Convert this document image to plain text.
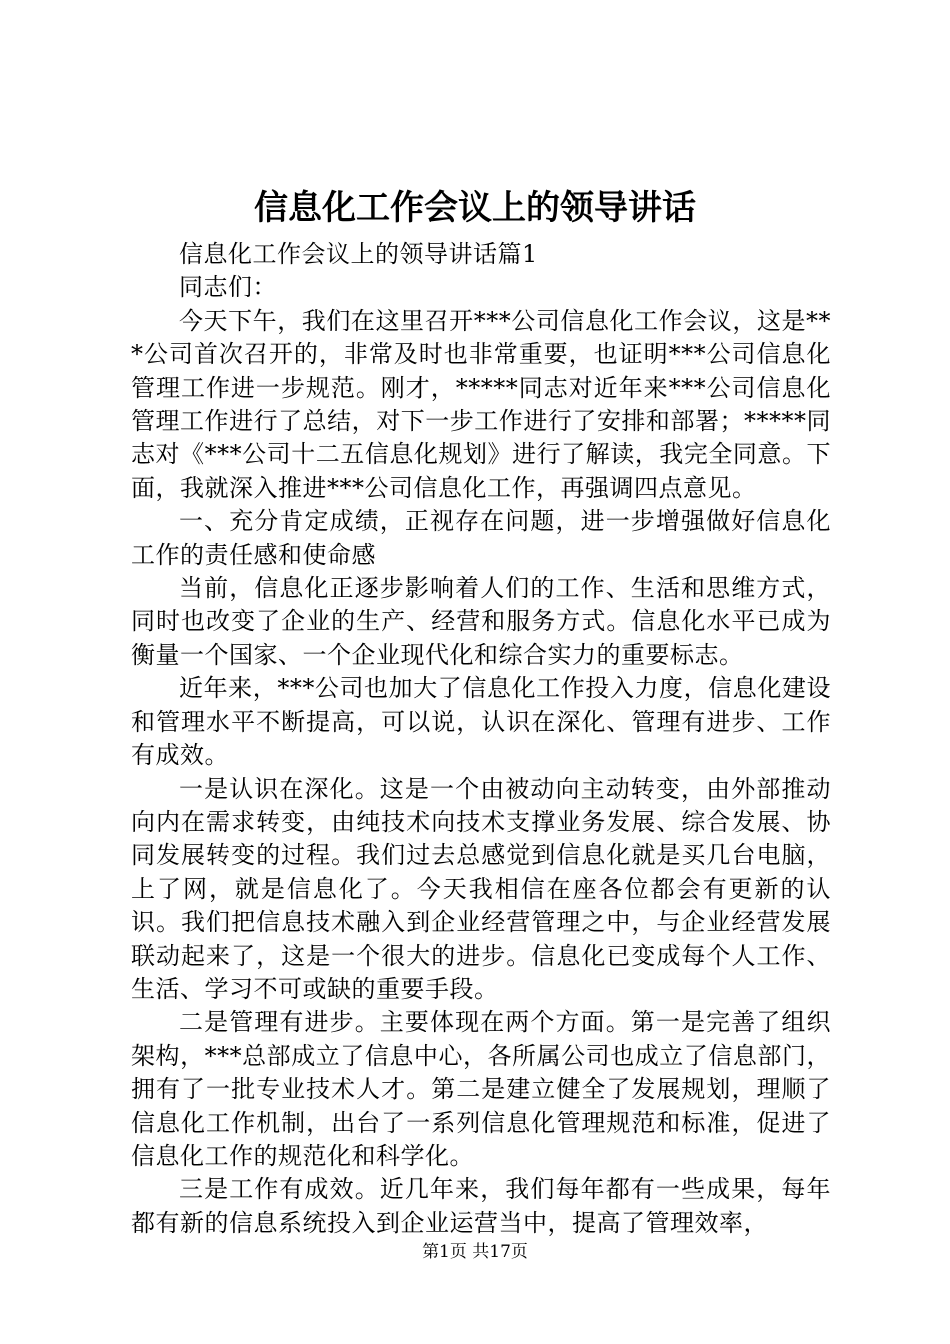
信息化工作会议上的领导讲话

信息化工作会议上的领导讲话篇1

同志们：

今天下午，我们在这里召开***公司信息化工作会议，这是***公司首次召开的，非常及时也非常重要，也证明***公司信息化管理工作进一步规范。刚才，*****同志对近年来***公司信息化管理工作进行了总结，对下一步工作进行了安排和部署；*****同志对《***公司十二五信息化规划》进行了解读，我完全同意。下面，我就深入推进***公司信息化工作，再强调四点意见。

一、充分肯定成绩，正视存在问题，进一步增强做好信息化工作的责任感和使命感

当前，信息化正逐步影响着人们的工作、生活和思维方式，同时也改变了企业的生产、经营和服务方式。信息化水平已成为衡量一个国家、一个企业现代化和综合实力的重要标志。

近年来，***公司也加大了信息化工作投入力度，信息化建设和管理水平不断提高，可以说，认识在深化、管理有进步、工作有成效。

一是认识在深化。这是一个由被动向主动转变，由外部推动向内在需求转变，由纯技术向技术支撑业务发展、综合发展、协同发展转变的过程。我们过去总感觉到信息化就是买几台电脑，上了网，就是信息化了。今天我相信在座各位都会有更新的认识。我们把信息技术融入到企业经营管理之中，与企业经营发展联动起来了，这是一个很大的进步。信息化已变成每个人工作、生活、学习不可或缺的重要手段。

二是管理有进步。主要体现在两个方面。第一是完善了组织架构，***总部成立了信息中心，各所属公司也成立了信息部门，拥有了一批专业技术人才。第二是建立健全了发展规划，理顺了信息化工作机制，出台了一系列信息化管理规范和标准，促进了信息化工作的规范化和科学化。

三是工作有成效。近几年来，我们每年都有一些成果，每年都有新的信息系统投入到企业运营当中，提高了管理效率，

第1页 共17页
